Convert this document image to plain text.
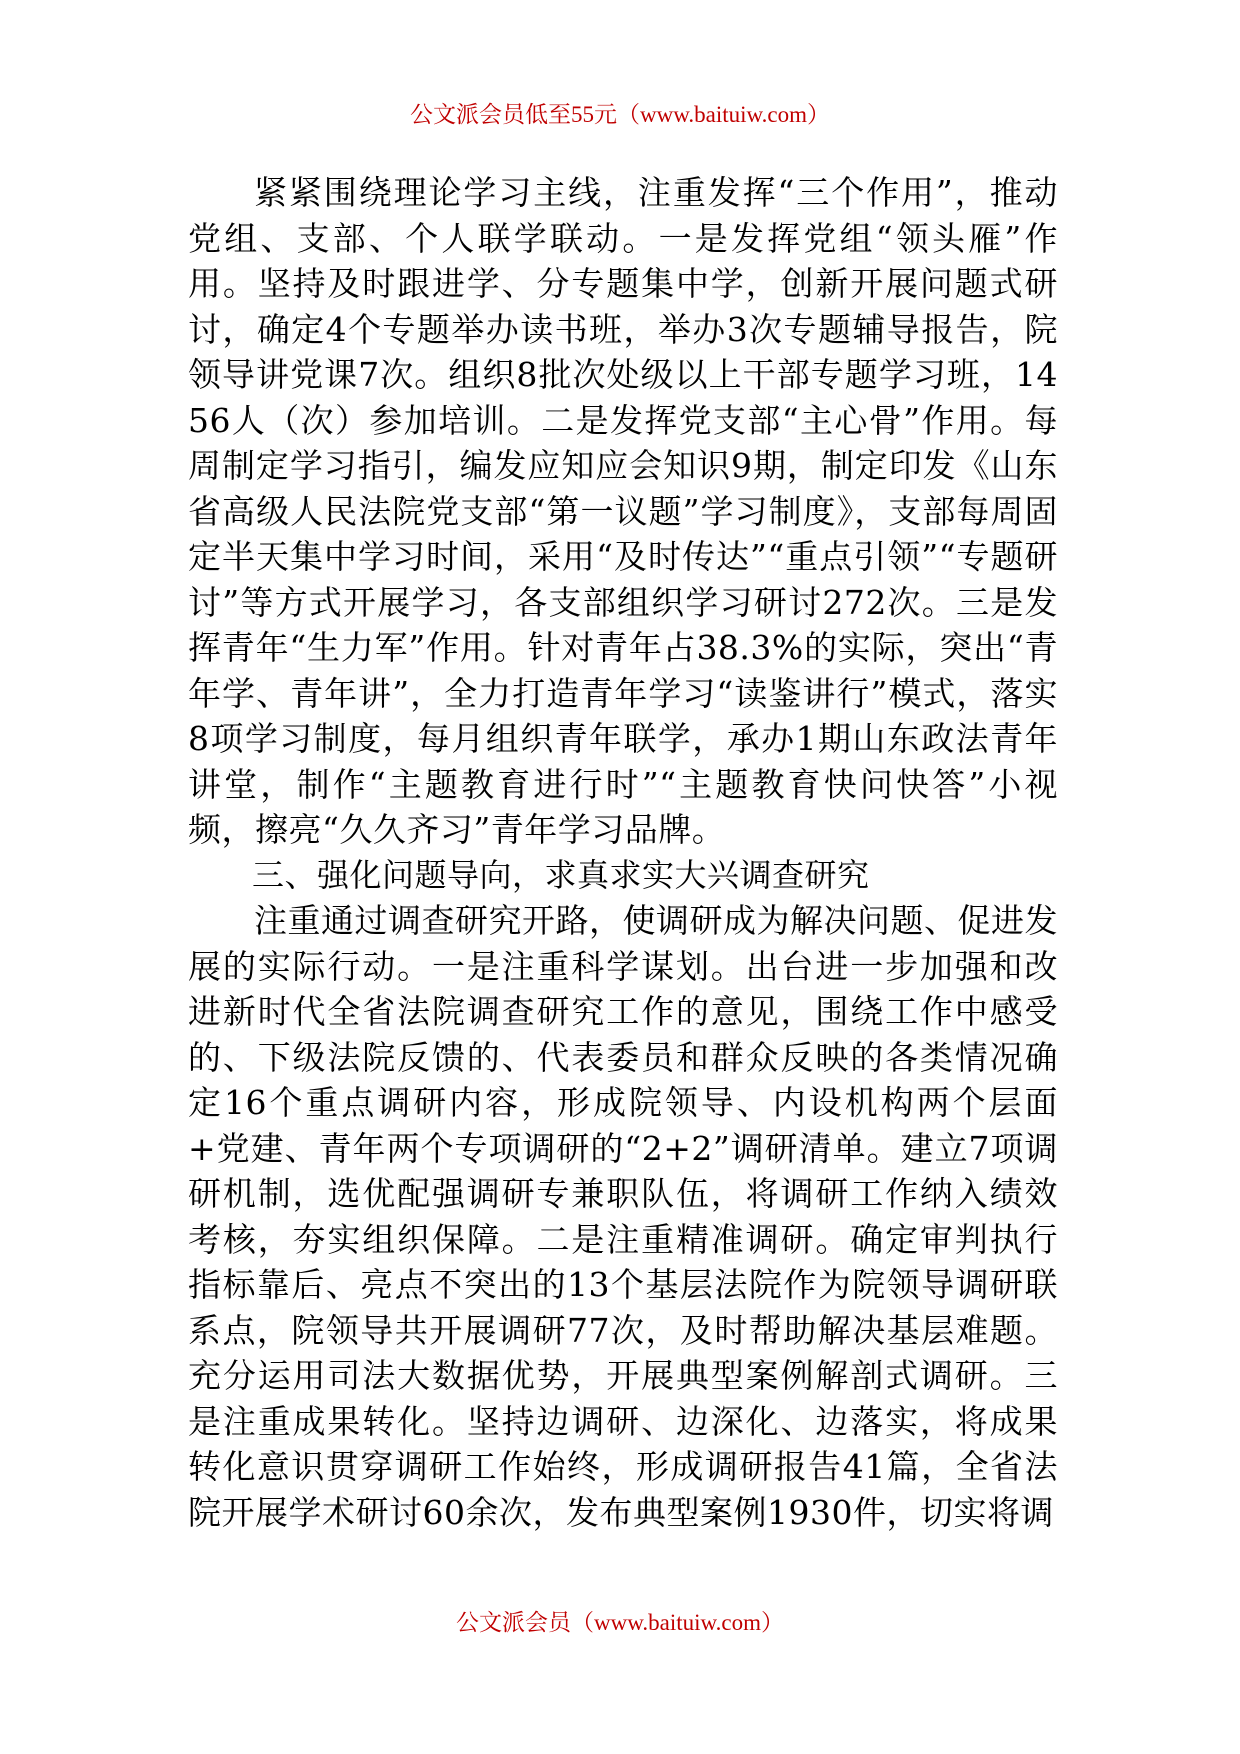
公文派会员低至55元（www.baituiw.com）

紧紧围绕理论学习主线，注重发挥“三个作用”，推动党组、支部、个人联学联动。一是发挥党组“领头雁”作用。坚持及时跟进学、分专题集中学，创新开展问题式研讨，确定4个专题举办读书班，举办3次专题辅导报告，院领导讲党课7次。组织8批次处级以上干部专题学习班，1456人（次）参加培训。二是发挥党支部“主心骨”作用。每周制定学习指引，编发应知应会知识9期，制定印发《山东省高级人民法院党支部“第一议题”学习制度》，支部每周固定半天集中学习时间，采用“及时传达”“重点引领”“专题研讨”等方式开展学习，各支部组织学习研讨272次。三是发挥青年“生力军”作用。针对青年占38.3%的实际，突出“青年学、青年讲”，全力打造青年学习“读鉴讲行”模式，落实8项学习制度，每月组织青年联学，承办1期山东政法青年讲堂，制作“主题教育进行时”“主题教育快问快答”小视频，擦亮“久久齐习”青年学习品牌。

三、强化问题导向，求真求实大兴调查研究

注重通过调查研究开路，使调研成为解决问题、促进发展的实际行动。一是注重科学谋划。出台进一步加强和改进新时代全省法院调查研究工作的意见，围绕工作中感受的、下级法院反馈的、代表委员和群众反映的各类情况确定16个重点调研内容，形成院领导、内设机构两个层面+党建、青年两个专项调研的“2+2”调研清单。建立7项调研机制，选优配强调研专兼职队伍，将调研工作纳入绩效考核，夯实组织保障。二是注重精准调研。确定审判执行指标靠后、亮点不突出的13个基层法院作为院领导调研联系点，院领导共开展调研77次，及时帮助解决基层难题。充分运用司法大数据优势，开展典型案例解剖式调研。三是注重成果转化。坚持边调研、边深化、边落实，将成果转化意识贯穿调研工作始终，形成调研报告41篇，全省法院开展学术研讨60余次，发布典型案例1930件，切实将调

公文派会员（www.baituiw.com）
